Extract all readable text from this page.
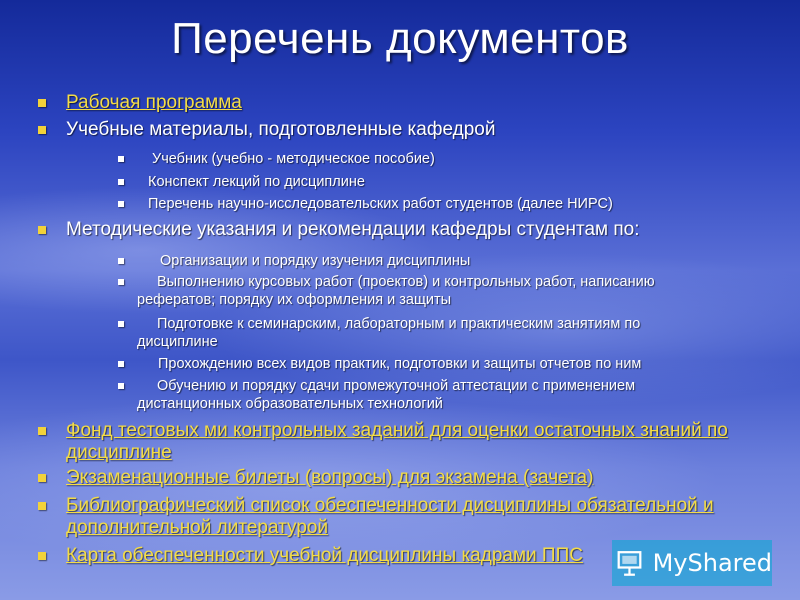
Перечень документов
Рабочая программа
Учебные материалы, подготовленные кафедрой
Учебник (учебно - методическое пособие)
Конспект лекций по дисциплине
Перечень научно-исследовательских работ студентов (далее НИРС)
Методические указания и рекомендации кафедры студентам по:
Организации и порядку изучения дисциплины
Выполнению курсовых работ (проектов) и контрольных работ, написанию рефератов; порядку их оформления и защиты
Подготовке к семинарским, лабораторным и практическим занятиям по дисциплине
Прохождению всех видов практик, подготовки и защиты отчетов по ним
Обучению и порядку сдачи промежуточной аттестации с применением дистанционных образовательных технологий
Фонд тестовых ми контрольных заданий для оценки остаточных знаний по дисциплине
Экзаменационные билеты (вопросы) для экзамена (зачета)
Библиографический список обеспеченности дисциплины обязательной и дополнительной литературой
Карта обеспеченности учебной дисциплины кадрами ППС	MyShared
